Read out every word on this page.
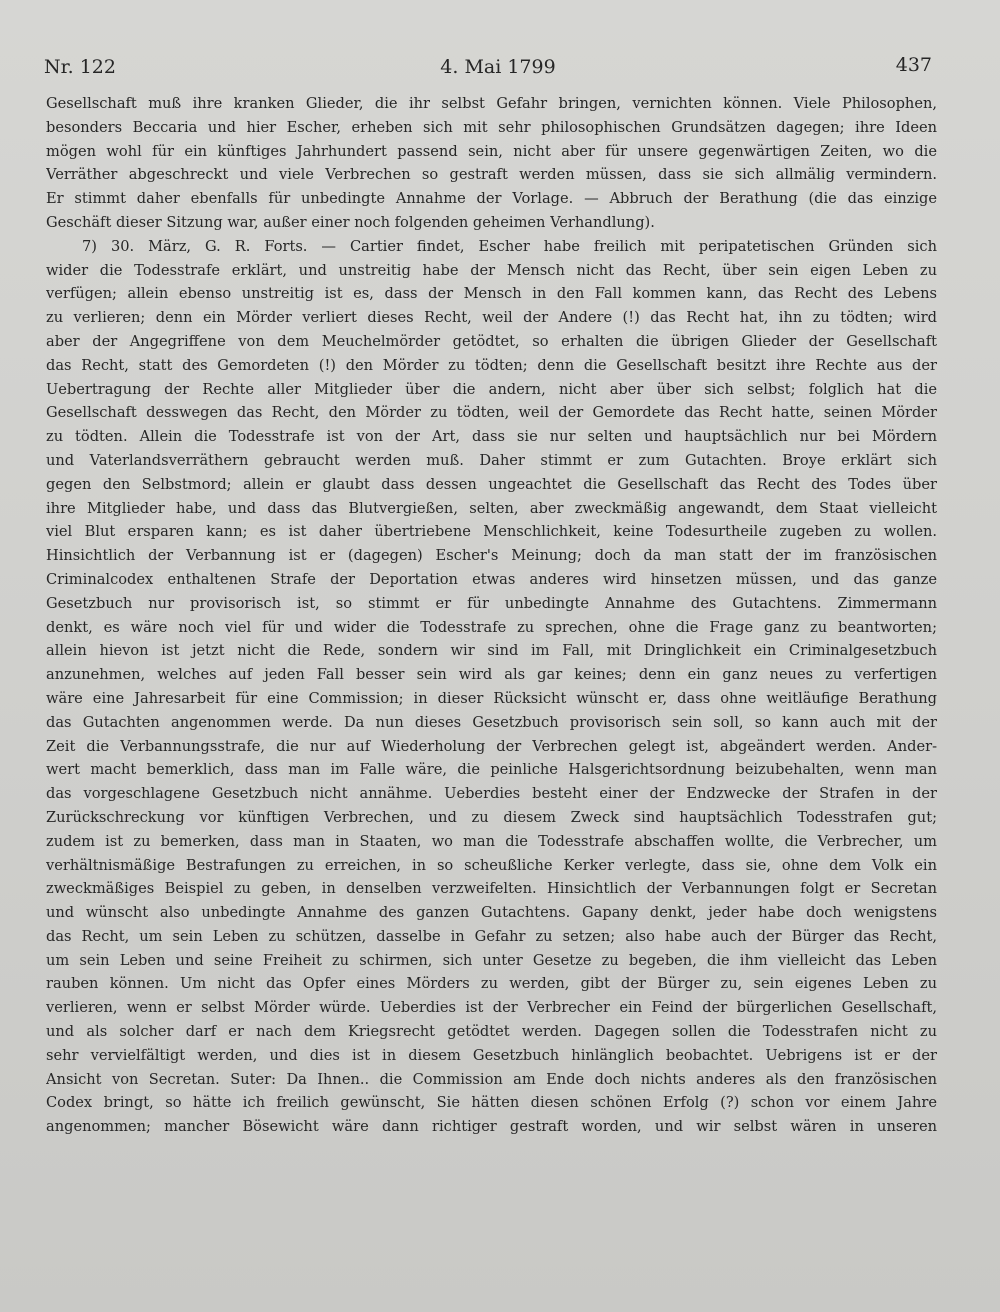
Nr. 122	4. Mai 1799	437
Gesellschaft muß ihre kranken Glieder, die ihr selbst Gefahr bringen, vernichten können. Viele Philosophen,
besonders Beccaria und hier Escher, erheben sich mit sehr philosophischen Grundsätzen dagegen; ihre Ideen
mögen wohl für ein künftiges Jahrhundert passend sein, nicht aber für unsere gegenwärtigen Zeiten, wo die
Verräther abgeschreckt und viele Verbrechen so gestraft werden müssen, dass sie sich allmälig vermindern.
Er stimmt daher ebenfalls für unbedingte Annahme der Vorlage. — Abbruch der Berathung (die das einzige
Geschäft dieser Sitzung war, außer einer noch folgenden geheimen Verhandlung).
7) 30. März, G. R. Forts. — Cartier findet, Escher habe freilich mit peripatetischen Gründen sich
wider die Todesstrafe erklärt, und unstreitig habe der Mensch nicht das Recht, über sein eigen Leben zu
verfügen; allein ebenso unstreitig ist es, dass der Mensch in den Fall kommen kann, das Recht des Lebens
zu verlieren; denn ein Mörder verliert dieses Recht, weil der Andere (!) das Recht hat, ihn zu tödten; wird
aber der Angegriffene von dem Meuchelmörder getödtet, so erhalten die übrigen Glieder der Gesellschaft
das Recht, statt des Gemordeten (!) den Mörder zu tödten; denn die Gesellschaft besitzt ihre Rechte aus der
Uebertragung der Rechte aller Mitglieder über die andern, nicht aber über sich selbst; folglich hat die
Gesellschaft desswegen das Recht, den Mörder zu tödten, weil der Gemordete das Recht hatte, seinen Mörder
zu tödten. Allein die Todesstrafe ist von der Art, dass sie nur selten und hauptsächlich nur bei Mördern
und Vaterlandsverräthern gebraucht werden muß. Daher stimmt er zum Gutachten. Broye erklärt sich
gegen den Selbstmord; allein er glaubt dass dessen ungeachtet die Gesellschaft das Recht des Todes über
ihre Mitglieder habe, und dass das Blutvergießen, selten, aber zweckmäßig angewandt, dem Staat vielleicht
viel Blut ersparen kann; es ist daher übertriebene Menschlichkeit, keine Todesurtheile zugeben zu wollen.
Hinsichtlich der Verbannung ist er (dagegen) Escher's Meinung; doch da man statt der im französischen
Criminalcodex enthaltenen Strafe der Deportation etwas anderes wird hinsetzen müssen, und das ganze
Gesetzbuch nur provisorisch ist, so stimmt er für unbedingte Annahme des Gutachtens. Zimmermann
denkt, es wäre noch viel für und wider die Todesstrafe zu sprechen, ohne die Frage ganz zu beantworten;
allein hievon ist jetzt nicht die Rede, sondern wir sind im Fall, mit Dringlichkeit ein Criminalgesetzbuch
anzunehmen, welches auf jeden Fall besser sein wird als gar keines; denn ein ganz neues zu verfertigen
wäre eine Jahresarbeit für eine Commission; in dieser Rücksicht wünscht er, dass ohne weitläufige Berathung
das Gutachten angenommen werde. Da nun dieses Gesetzbuch provisorisch sein soll, so kann auch mit der
Zeit die Verbannungsstrafe, die nur auf Wiederholung der Verbrechen gelegt ist, abgeändert werden. Ander-
wert macht bemerklich, dass man im Falle wäre, die peinliche Halsgerichtsordnung beizubehalten, wenn man
das vorgeschlagene Gesetzbuch nicht annähme. Ueberdies besteht einer der Endzwecke der Strafen in der
Zurückschreckung vor künftigen Verbrechen, und zu diesem Zweck sind hauptsächlich Todesstrafen gut;
zudem ist zu bemerken, dass man in Staaten, wo man die Todesstrafe abschaffen wollte, die Verbrecher, um
verhältnismäßige Bestrafungen zu erreichen, in so scheußliche Kerker verlegte, dass sie, ohne dem Volk ein
zweckmäßiges Beispiel zu geben, in denselben verzweifelten. Hinsichtlich der Verbannungen folgt er Secretan
und wünscht also unbedingte Annahme des ganzen Gutachtens. Gapany denkt, jeder habe doch wenigstens
das Recht, um sein Leben zu schützen, dasselbe in Gefahr zu setzen; also habe auch der Bürger das Recht,
um sein Leben und seine Freiheit zu schirmen, sich unter Gesetze zu begeben, die ihm vielleicht das Leben
rauben können. Um nicht das Opfer eines Mörders zu werden, gibt der Bürger zu, sein eigenes Leben zu
verlieren, wenn er selbst Mörder würde. Ueberdies ist der Verbrecher ein Feind der bürgerlichen Gesellschaft,
und als solcher darf er nach dem Kriegsrecht getödtet werden. Dagegen sollen die Todesstrafen nicht zu
sehr vervielfältigt werden, und dies ist in diesem Gesetzbuch hinlänglich beobachtet. Uebrigens ist er der
Ansicht von Secretan. Suter: Da Ihnen.. die Commission am Ende doch nichts anderes als den französischen
Codex bringt, so hätte ich freilich gewünscht, Sie hätten diesen schönen Erfolg (?) schon vor einem Jahre
angenommen; mancher Bösewicht wäre dann richtiger gestraft worden, und wir selbst wären in unseren
